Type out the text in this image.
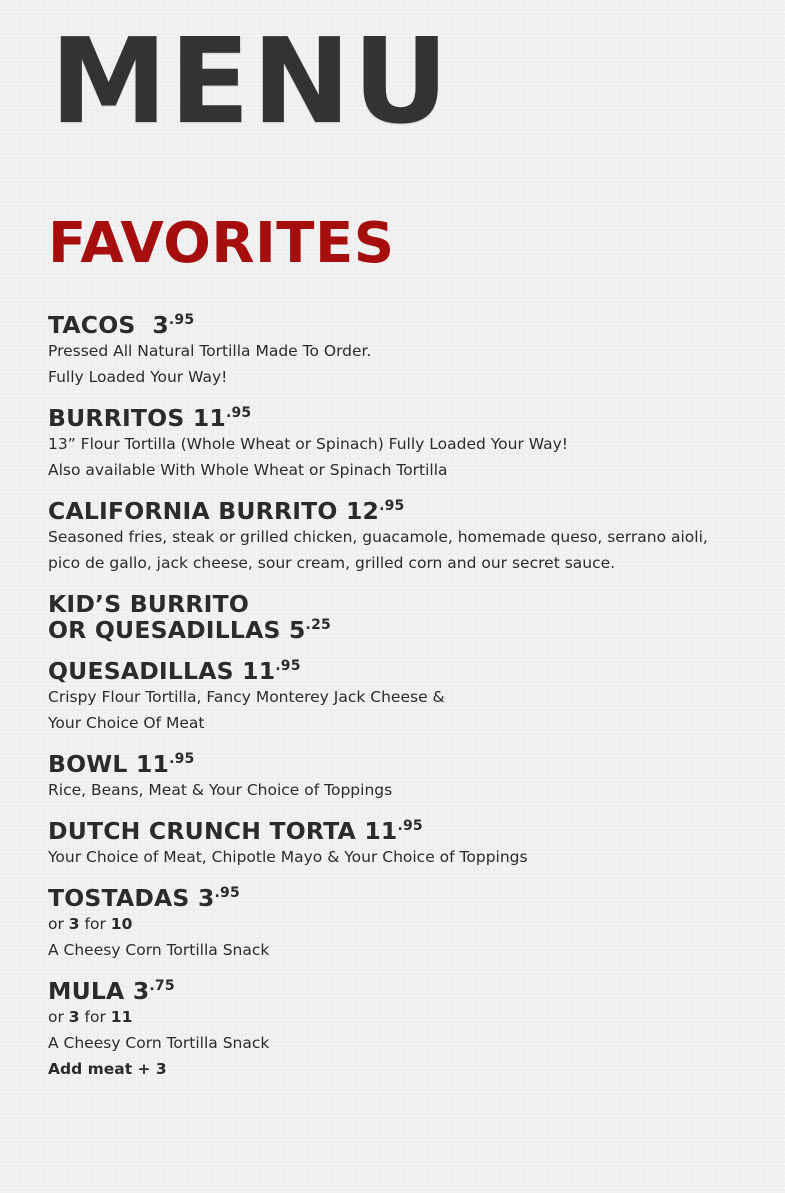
MENU
FAVORITES

TACOS $3^{.95}$

Pressed All Natural Tortilla Made To Order.

Fully Loaded Your Way!

BURRITOS $11^{.95}$

13” Flour Tortilla (Whole Wheat or Spinach) Fully Loaded Your Way!

Also available With Whole Wheat or Spinach Tortilla

CALIFORNIA BURRITO $12^{.95}$

Seasoned fries, steak or grilled chicken, guacamole, homemade queso, serrano aioli,

pico de gallo, jack cheese, sour cream, grilled corn and our secret sauce.

KID’S BURRITO
OR QUESADILLAS $5^{.25}$

QUESADILLAS $11^{.95}$

Crispy Flour Tortilla, Fancy Monterey Jack Cheese &

Your Choice Of Meat

BOWL $11^{.95}$

Rice, Beans, Meat & Your Choice of Toppings

DUTCH CRUNCH TORTA $11^{.95}$

Your Choice of Meat, Chipotle Mayo & Your Choice of Toppings

TOSTADAS $3^{.95}$

or 3 for 10

A Cheesy Corn Tortilla Snack

MULA $3^{.75}$

or 3 for 11

A Cheesy Corn Tortilla Snack

Add meat + 3
